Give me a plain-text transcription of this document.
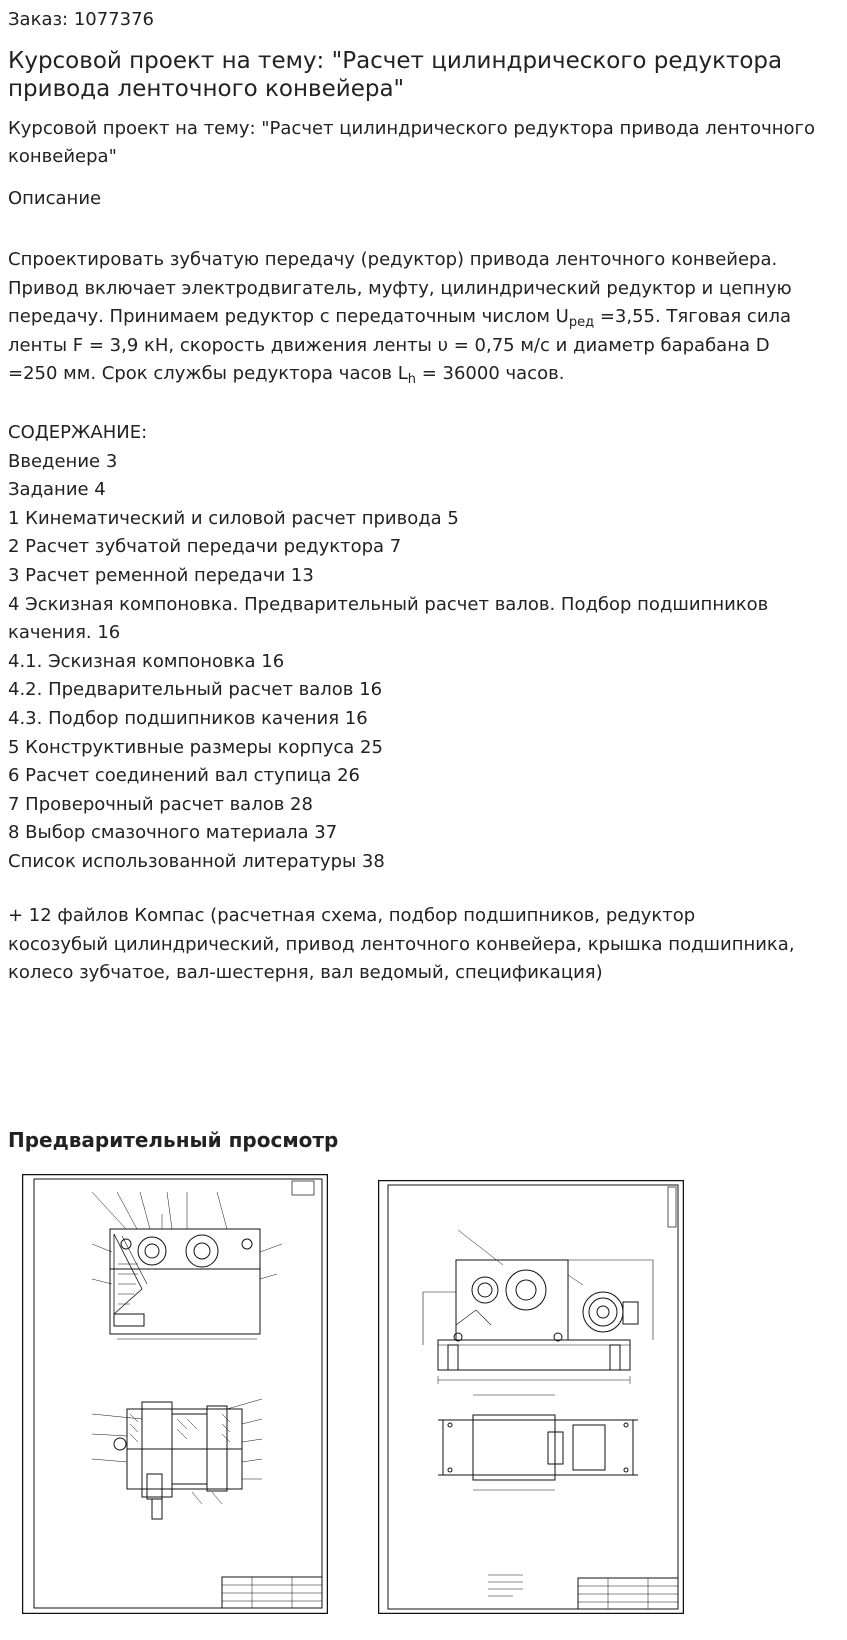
Заказ: 1077376
Курсовой проект на тему: "Расчет цилиндрического редуктора привода ленточного конвейера"
Курсовой проект на тему: "Расчет цилиндрического редуктора привода ленточного конвейера"
Описание
Спроектировать зубчатую передачу (редуктор) привода ленточного конвейера.
Привод включает электродвигатель, муфту, цилиндрический редуктор и цепную
передачу. Принимаем редуктор с передаточным числом $U_{ред} =3,55$. Тяговая сила
ленты F = 3,9 кН, скорость движения ленты υ = 0,75 м/с и диаметр барабана D
=250 мм. Срок службы редуктора часов $L_h = 36000$ часов.
СОДЕРЖАНИЕ:
Введение 3
Задание 4
1 Кинематический и силовой расчет привода 5
2 Расчет зубчатой передачи редуктора 7
3 Расчет ременной передачи 13
4 Эскизная компоновка. Предварительный расчет валов. Подбор подшипников
качения. 16
4.1. Эскизная компоновка 16
4.2. Предварительный расчет валов 16
4.3. Подбор подшипников качения 16
5 Конструктивные размеры корпуса 25
6 Расчет соединений вал ступица 26
7 Проверочный расчет валов 28
8 Выбор смазочного материала 37
Список использованной литературы 38
+ 12 файлов Компас (расчетная схема, подбор подшипников, редуктор
косозубый цилиндрический, привод ленточного конвейера, крышка подшипника,
колесо зубчатое, вал-шестерня, вал ведомый, спецификация)
Предварительный просмотр
